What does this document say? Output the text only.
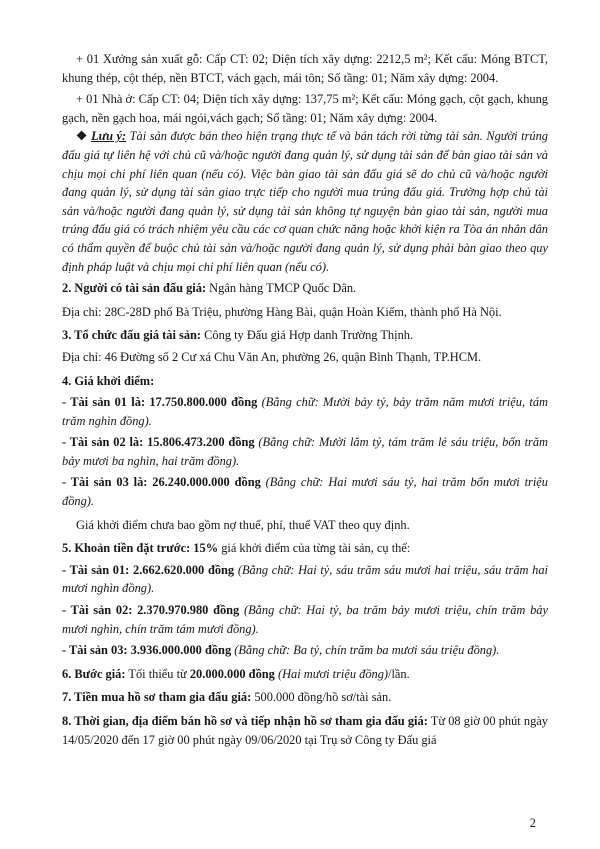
+ 01 Xưởng sản xuất gỗ: Cấp CT: 02; Diện tích xây dựng: 2212,5 m²; Kết cấu: Móng BTCT, khung thép, cột thép, nền BTCT, vách gạch, mái tôn; Số tầng: 01; Năm xây dựng: 2004.

+ 01 Nhà ở: Cấp CT: 04; Diện tích xây dựng: 137,75 m²; Kết cấu: Móng gạch, cột gạch, khung gạch, nền gạch hoa, mái ngói,vách gạch; Số tầng: 01; Năm xây dựng: 2004.

❖ Lưu ý: Tài sản được bán theo hiện trạng thực tế và bán tách rời từng tài sản. Người trúng đấu giá tự liên hệ với chủ cũ và/hoặc người đang quản lý, sử dụng tài sản để bàn giao tài sản và chịu mọi chi phí liên quan (nếu có). Việc bàn giao tài sản đấu giá sẽ do chủ cũ và/hoặc người đang quản lý, sử dụng tài sản giao trực tiếp cho người mua trúng đấu giá. Trường hợp chủ tài sản và/hoặc người đang quản lý, sử dụng tài sản không tự nguyện bàn giao tài sản, người mua trúng đấu giá có trách nhiệm yêu cầu các cơ quan chức năng hoặc khởi kiện ra Tòa án nhân dân có thẩm quyền để buộc chủ tài sản và/hoặc người đang quản lý, sử dụng phải bàn giao theo quy định pháp luật và chịu mọi chi phí liên quan (nếu có).

2. Người có tài sản đấu giá: Ngân hàng TMCP Quốc Dân.

Địa chỉ: 28C-28D phố Bà Triệu, phường Hàng Bài, quận Hoàn Kiếm, thành phố Hà Nội.

3. Tổ chức đấu giá tài sản: Công ty Đấu giá Hợp danh Trường Thịnh.

Địa chỉ: 46 Đường số 2 Cư xá Chu Văn An, phường 26, quận Bình Thạnh, TP.HCM.

4. Giá khởi điểm:

- Tài sản 01 là: 17.750.800.000 đồng (Bằng chữ: Mười bảy tỷ, bảy trăm năm mươi triệu, tám trăm nghìn đồng).

- Tài sản 02 là: 15.806.473.200 đồng (Bằng chữ: Mười lăm tỷ, tám trăm lẻ sáu triệu, bốn trăm bảy mươi ba nghìn, hai trăm đồng).

- Tài sản 03 là: 26.240.000.000 đồng (Bằng chữ: Hai mươi sáu tỷ, hai trăm bốn mươi triệu đồng).

Giá khởi điểm chưa bao gồm nợ thuế, phí, thuế VAT theo quy định.

5. Khoản tiền đặt trước: 15% giá khởi điểm của từng tài sản, cụ thể:

- Tài sản 01: 2.662.620.000 đồng (Bằng chữ: Hai tỷ, sáu trăm sáu mươi hai triệu, sáu trăm hai mươi nghìn đồng).

- Tài sản 02: 2.370.970.980 đồng (Bằng chữ: Hai tỷ, ba trăm bảy mươi triệu, chín trăm bảy mươi nghìn, chín trăm tám mươi đồng).

- Tài sản 03: 3.936.000.000 đồng (Bằng chữ: Ba tỷ, chín trăm ba mươi sáu triệu đồng).

6. Bước giá: Tối thiểu từ 20.000.000 đồng (Hai mươi triệu đồng)/lần.

7. Tiền mua hồ sơ tham gia đấu giá: 500.000 đồng/hồ sơ/tài sản.

8. Thời gian, địa điểm bán hồ sơ và tiếp nhận hồ sơ tham gia đấu giá: Từ 08 giờ 00 phút ngày 14/05/2020 đến 17 giờ 00 phút ngày 09/06/2020 tại Trụ sở Công ty Đấu giá

2
